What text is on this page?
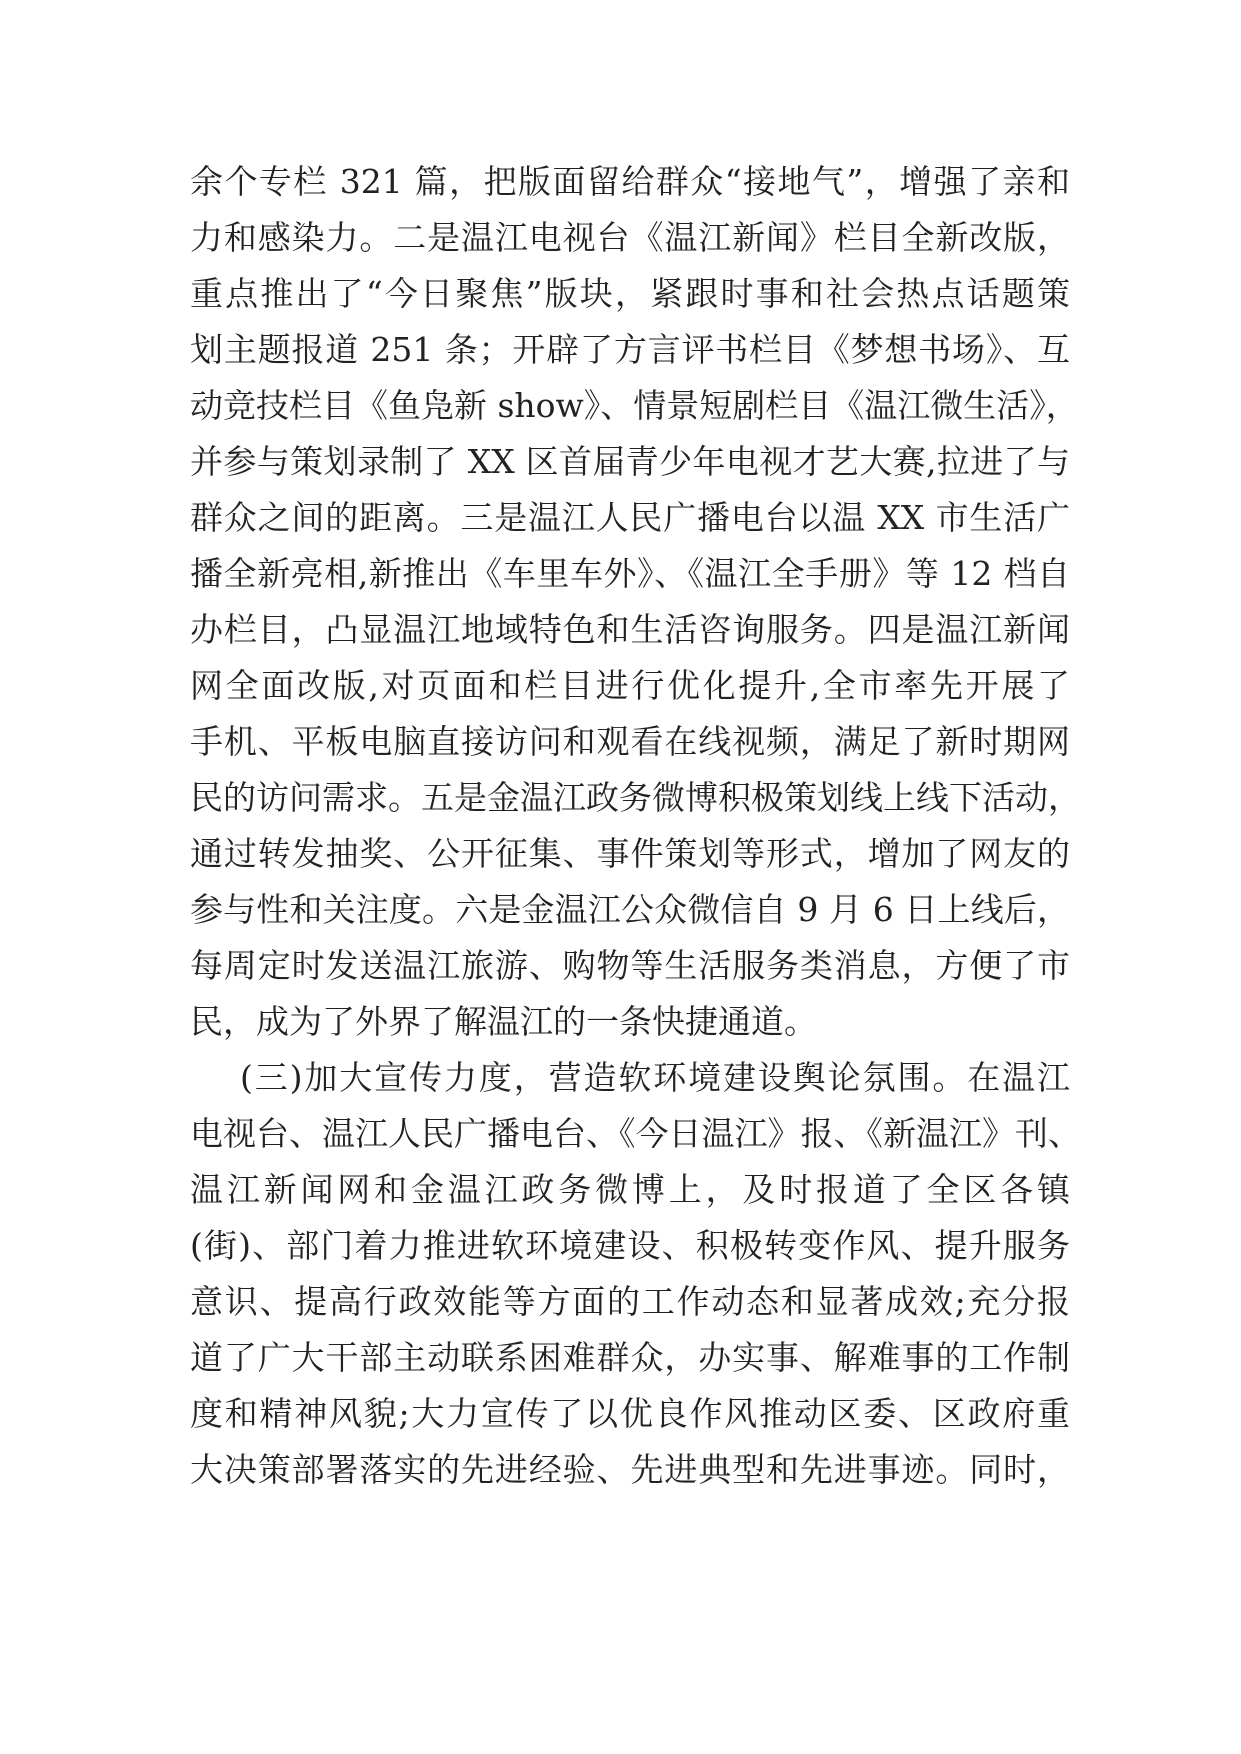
余个专栏 321 篇，把版面留给群众“接地气”，增强了亲和
力和感染力。二是温江电视台《温江新闻》栏目全新改版，
重点推出了“今日聚焦”版块，紧跟时事和社会热点话题策
划主题报道 251 条；开辟了方言评书栏目《梦想书场》、互
动竞技栏目《鱼凫新 show》、情景短剧栏目《温江微生活》，
并参与策划录制了 XX 区首届青少年电视才艺大赛,拉进了与
群众之间的距离。三是温江人民广播电台以温 XX 市生活广
播全新亮相,新推出《车里车外》、《温江全手册》等 12 档自
办栏目，凸显温江地域特色和生活咨询服务。四是温江新闻
网全面改版,对页面和栏目进行优化提升,全市率先开展了
手机、平板电脑直接访问和观看在线视频，满足了新时期网
民的访问需求。五是金温江政务微博积极策划线上线下活动，
通过转发抽奖、公开征集、事件策划等形式，增加了网友的
参与性和关注度。六是金温江公众微信自 9 月 6 日上线后，
每周定时发送温江旅游、购物等生活服务类消息，方便了市
民，成为了外界了解温江的一条快捷通道。
(三)加大宣传力度，营造软环境建设舆论氛围。在温江
电视台、温江人民广播电台、《今日温江》报、《新温江》刊、
温江新闻网和金温江政务微博上，及时报道了全区各镇
(街)、部门着力推进软环境建设、积极转变作风、提升服务
意识、提高行政效能等方面的工作动态和显著成效;充分报
道了广大干部主动联系困难群众，办实事、解难事的工作制
度和精神风貌;大力宣传了以优良作风推动区委、区政府重
大决策部署落实的先进经验、先进典型和先进事迹。同时，
